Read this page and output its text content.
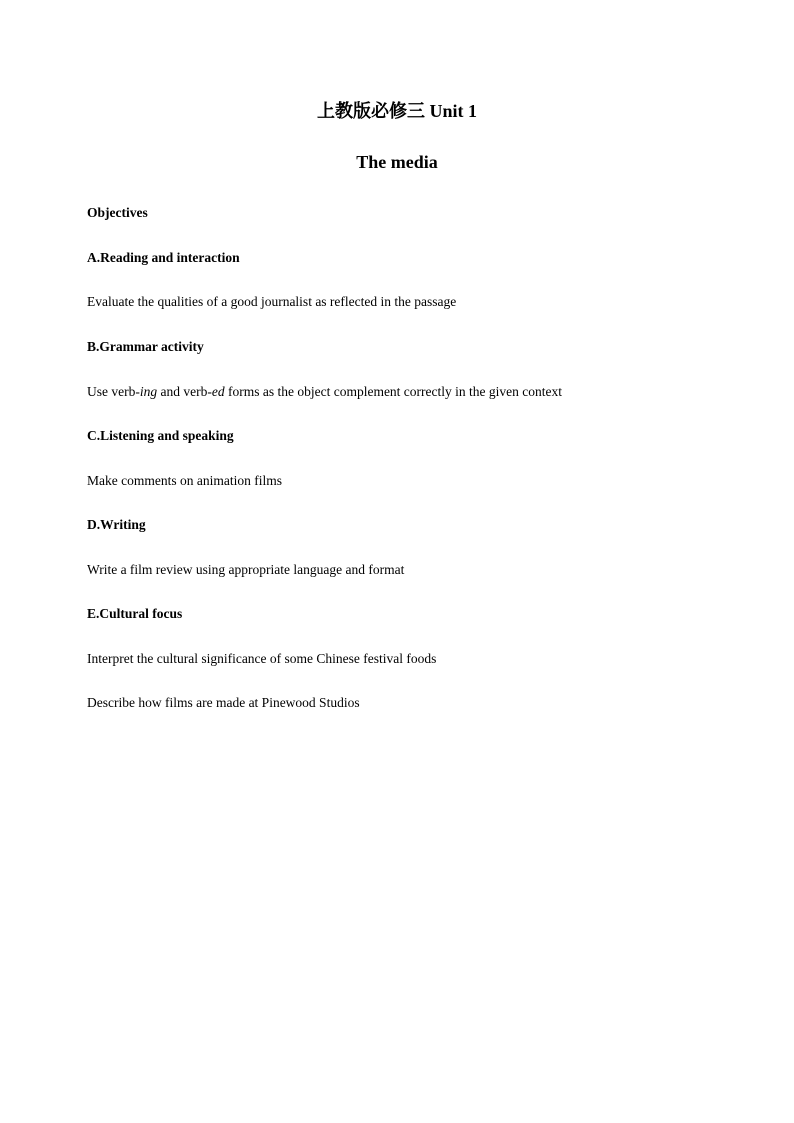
上教版必修三 Unit 1
The media

Objectives

A.Reading and interaction

Evaluate the qualities of a good journalist as reflected in the passage

B.Grammar activity

Use verb-ing and verb-ed forms as the object complement correctly in the given context

C.Listening and speaking

Make comments on animation films

D.Writing

Write a film review using appropriate language and format

E.Cultural focus

Interpret the cultural significance of some Chinese festival foods

Describe how films are made at Pinewood Studios
